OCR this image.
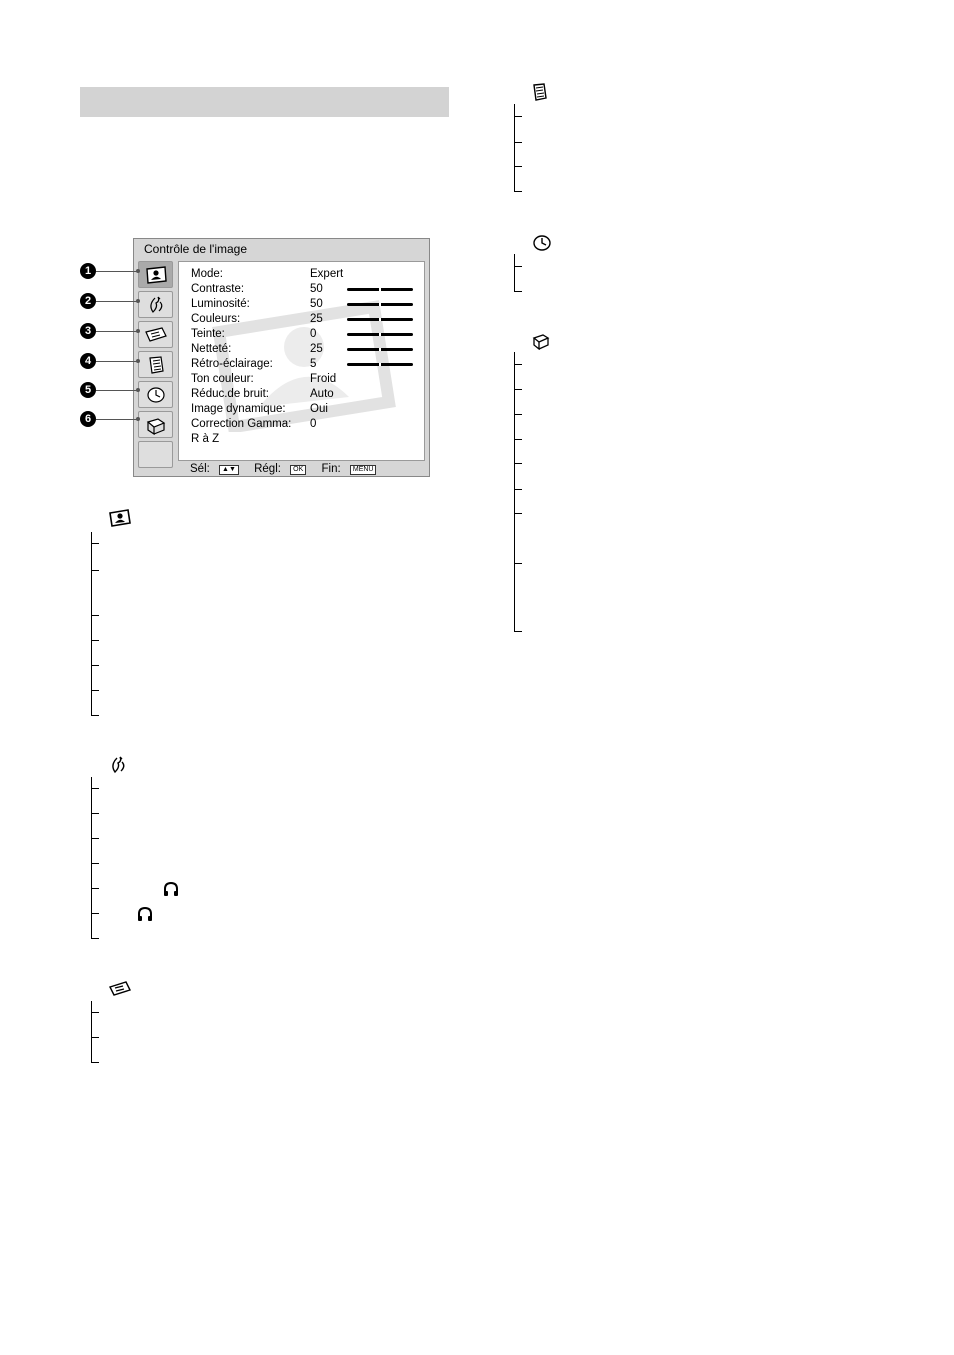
Contrôle de l'image
Mode:	Expert
Contraste:	50
Luminosité:	50
Couleurs:	25
Teinte:	0
Netteté:	25
Rétro-éclairage:	5
Ton couleur:	Froid
Réduc.de bruit:	Auto
Image dynamique: Oui
Correction Gamma: 0
R à Z
Sél: ▲▼ Régl: OK Fin: MENU
1
2
3
4
5
6
